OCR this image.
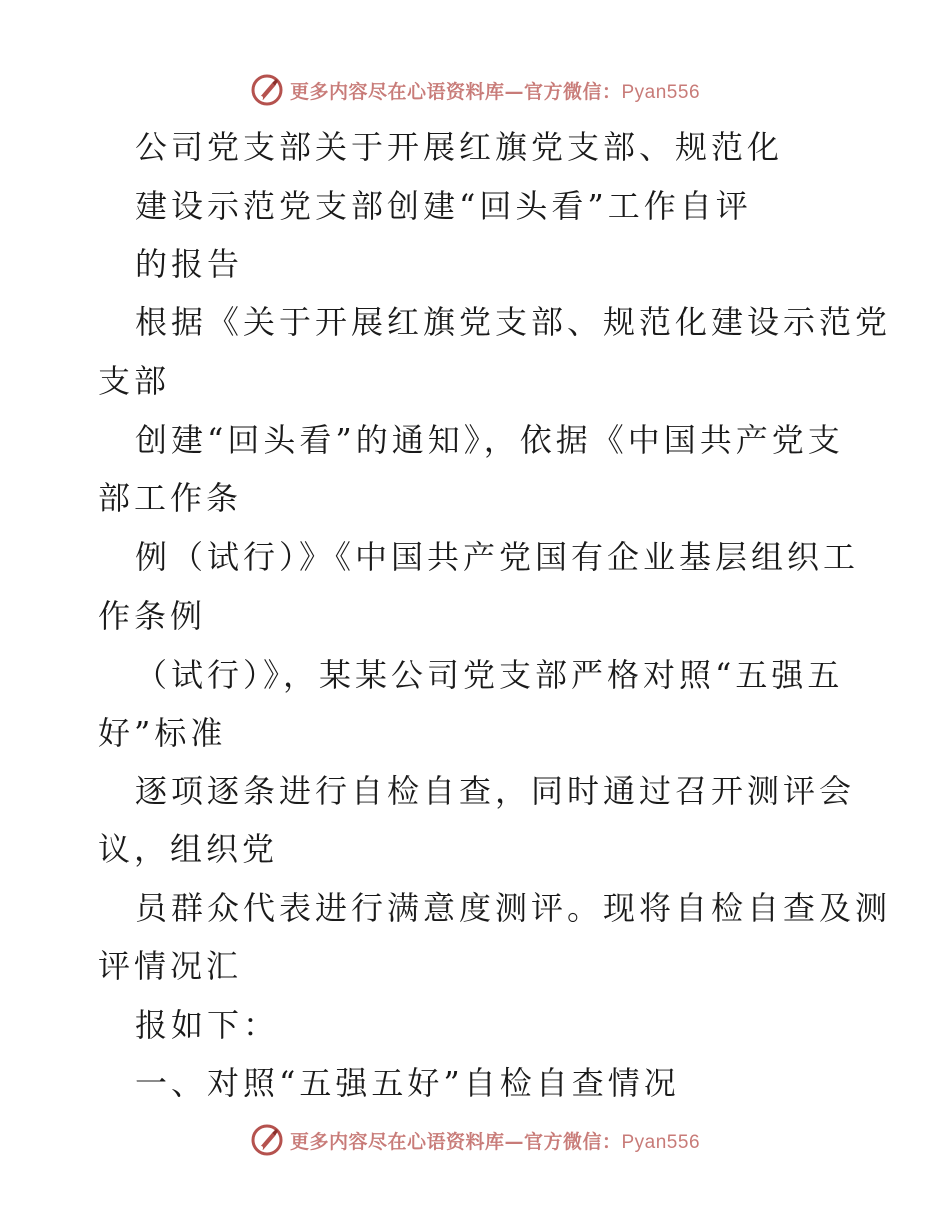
更多内容尽在心语资料库—官方微信：Pyan556
公司党支部关于开展红旗党支部、规范化
建设示范党支部创建“回头看”工作自评
的报告
根据《关于开展红旗党支部、规范化建设示范党
支部
创建“回头看”的通知》，依据《中国共产党支
部工作条
例（试行）》《中国共产党国有企业基层组织工
作条例
（试行）》，某某公司党支部严格对照“五强五
好”标准
逐项逐条进行自检自查，同时通过召开测评会
议，组织党
员群众代表进行满意度测评。现将自检自查及测
评情况汇
报如下：
一、对照“五强五好”自检自查情况
更多内容尽在心语资料库—官方微信：Pyan556
